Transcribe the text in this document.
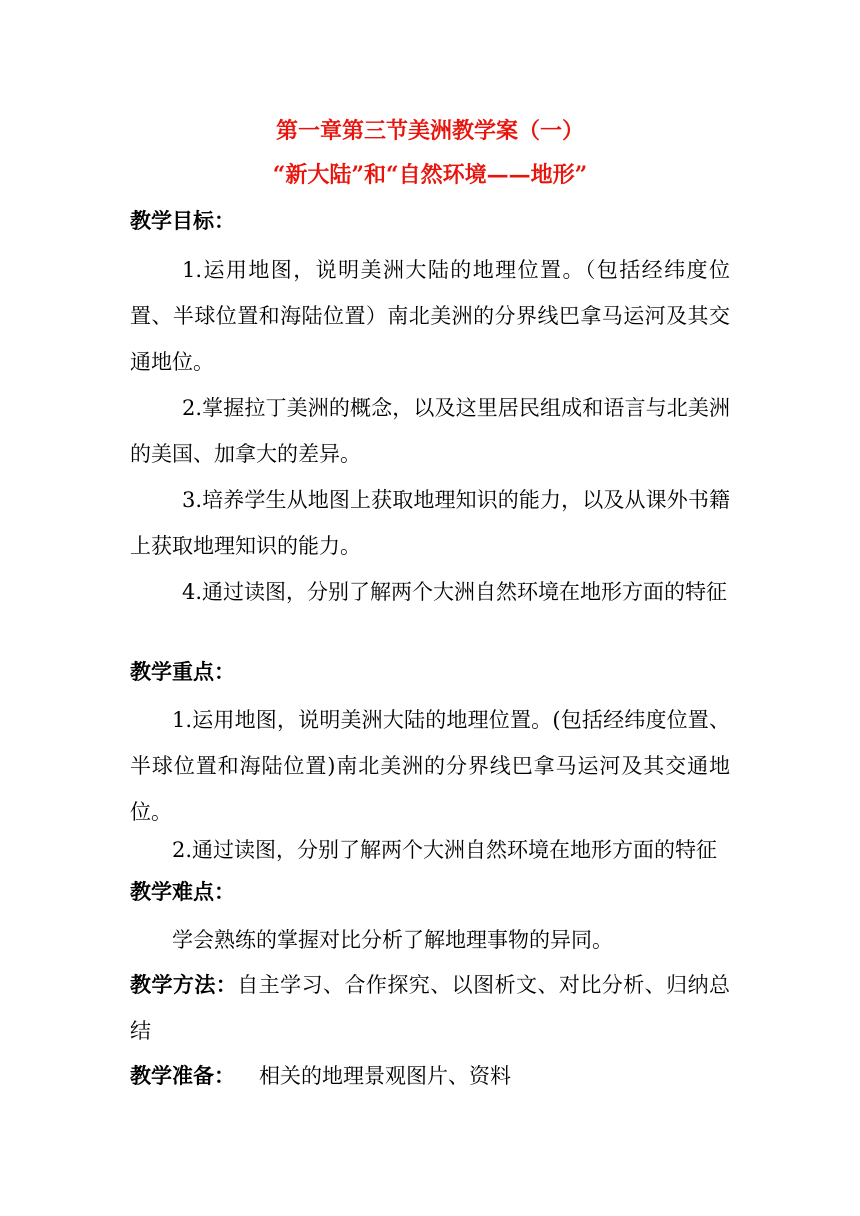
第一章第三节美洲教学案（一）
“新大陆”和“自然环境——地形”
教学目标：
1.运用地图，说明美洲大陆的地理位置。（包括经纬度位置、半球位置和海陆位置）南北美洲的分界线巴拿马运河及其交通地位。
2.掌握拉丁美洲的概念，以及这里居民组成和语言与北美洲的美国、加拿大的差异。
3.培养学生从地图上获取地理知识的能力，以及从课外书籍上获取地理知识的能力。
4.通过读图，分别了解两个大洲自然环境在地形方面的特征
教学重点：
1.运用地图，说明美洲大陆的地理位置。(包括经纬度位置、半球位置和海陆位置)南北美洲的分界线巴拿马运河及其交通地位。
2.通过读图，分别了解两个大洲自然环境在地形方面的特征
教学难点：
学会熟练的掌握对比分析了解地理事物的异同。
教学方法：自主学习、合作探究、以图析文、对比分析、归纳总结
教学准备： 相关的地理景观图片、资料
